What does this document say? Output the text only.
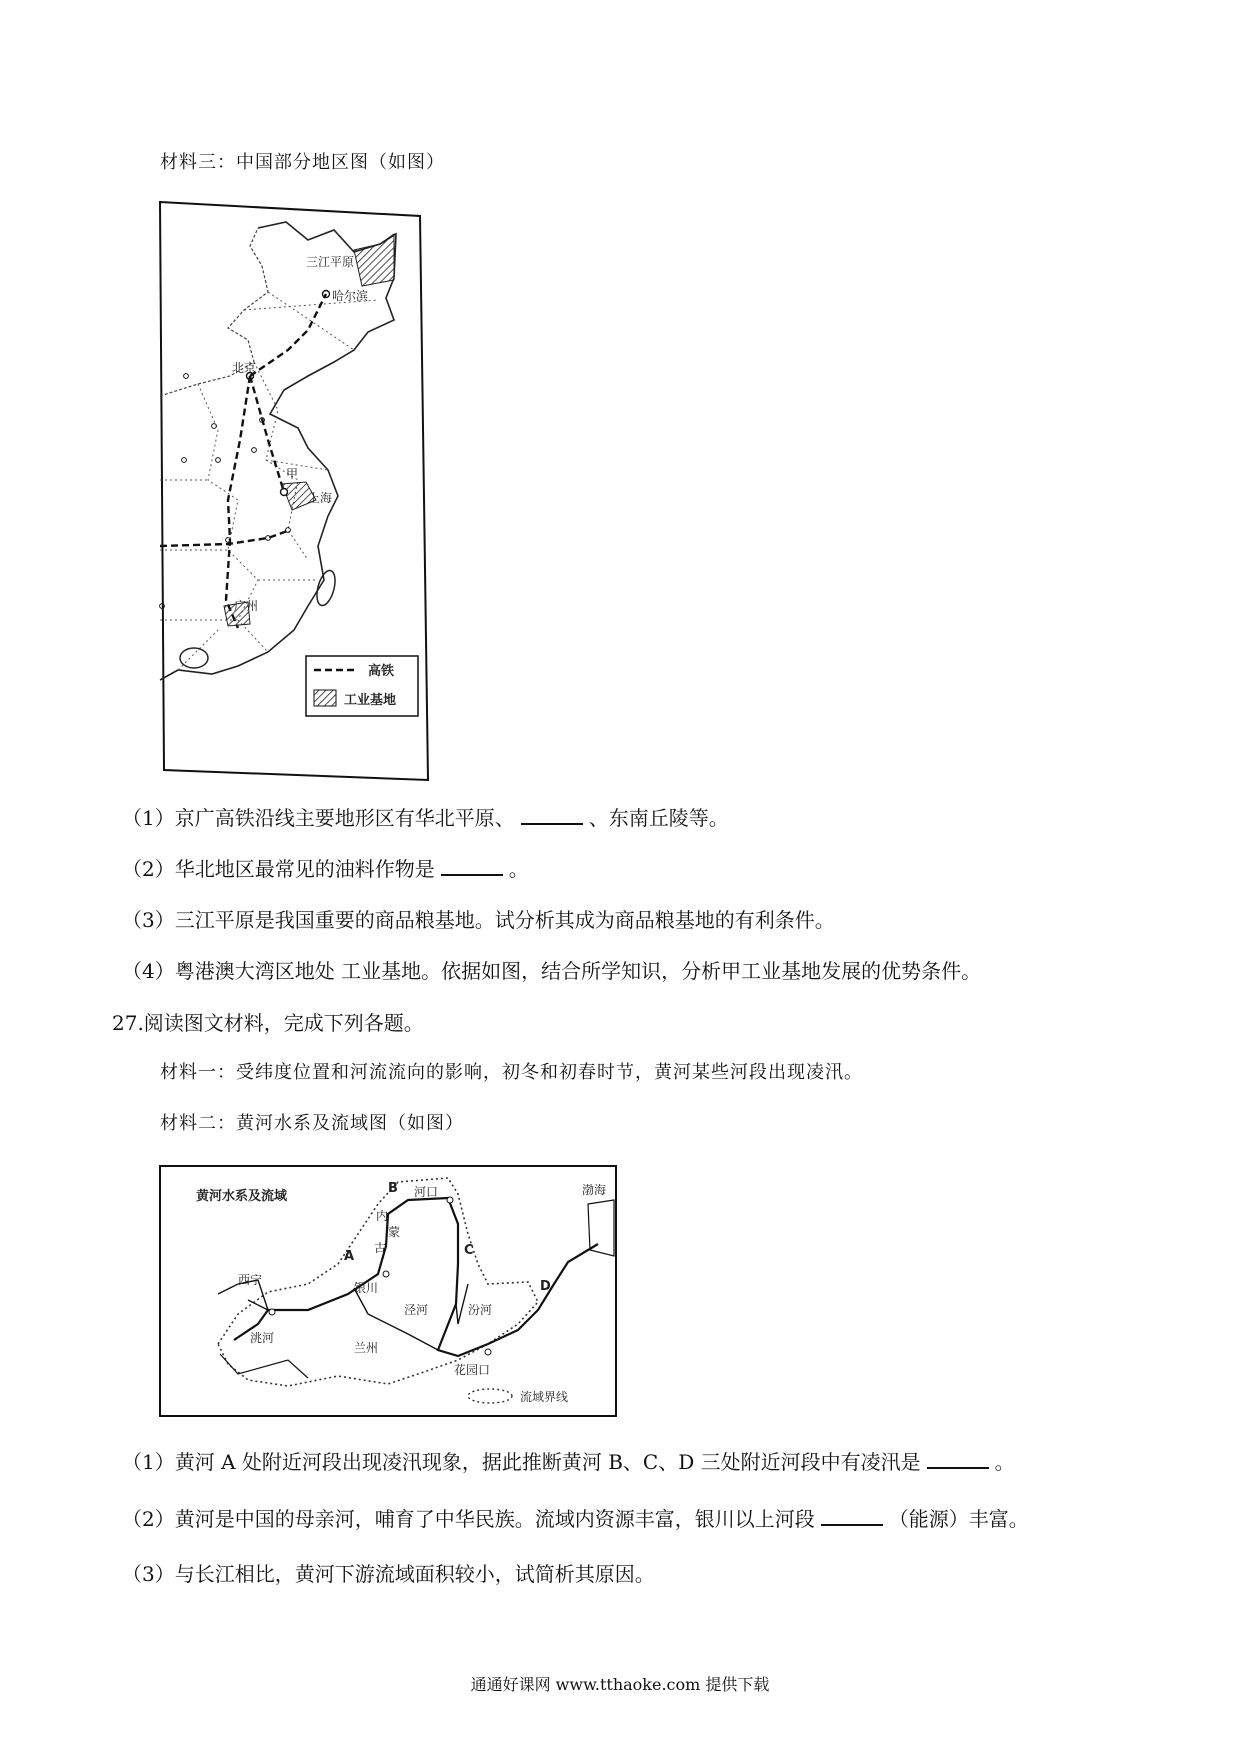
材料三：中国部分地区图（如图）
三江平原
哈尔滨
北京
甲
上海
广州
高铁
工业基地
（1）京广高铁沿线主要地形区有华北平原、	、东南丘陵等。
（2）华北地区最常见的油料作物是	。
（3）三江平原是我国重要的商品粮基地。试分析其成为商品粮基地的有利条件。
（4）粤港澳大湾区地处 工业基地。依据如图，结合所学知识，分析甲工业基地发展的优势条件。
27.阅读图文材料，完成下列各题。
材料一：受纬度位置和河流流向的影响，初冬和初春时节，黄河某些河段出现凌汛。
材料二：黄河水系及流域图（如图）
黄河水系及流域
B 河口
A
内
蒙
古
银川
C
D
西宁
兰州
洮河
泾河	汾河
花园口
渤海
流域界线
（1）黄河 A 处附近河段出现凌汛现象，据此推断黄河 B、C、D 三处附近河段中有凌汛是	。
（2）黄河是中国的母亲河，哺育了中华民族。流域内资源丰富，银川以上河段	（能源）丰富。
（3）与长江相比，黄河下游流域面积较小，试简析其原因。
通通好课网 www.tthaoke.com 提供下载
